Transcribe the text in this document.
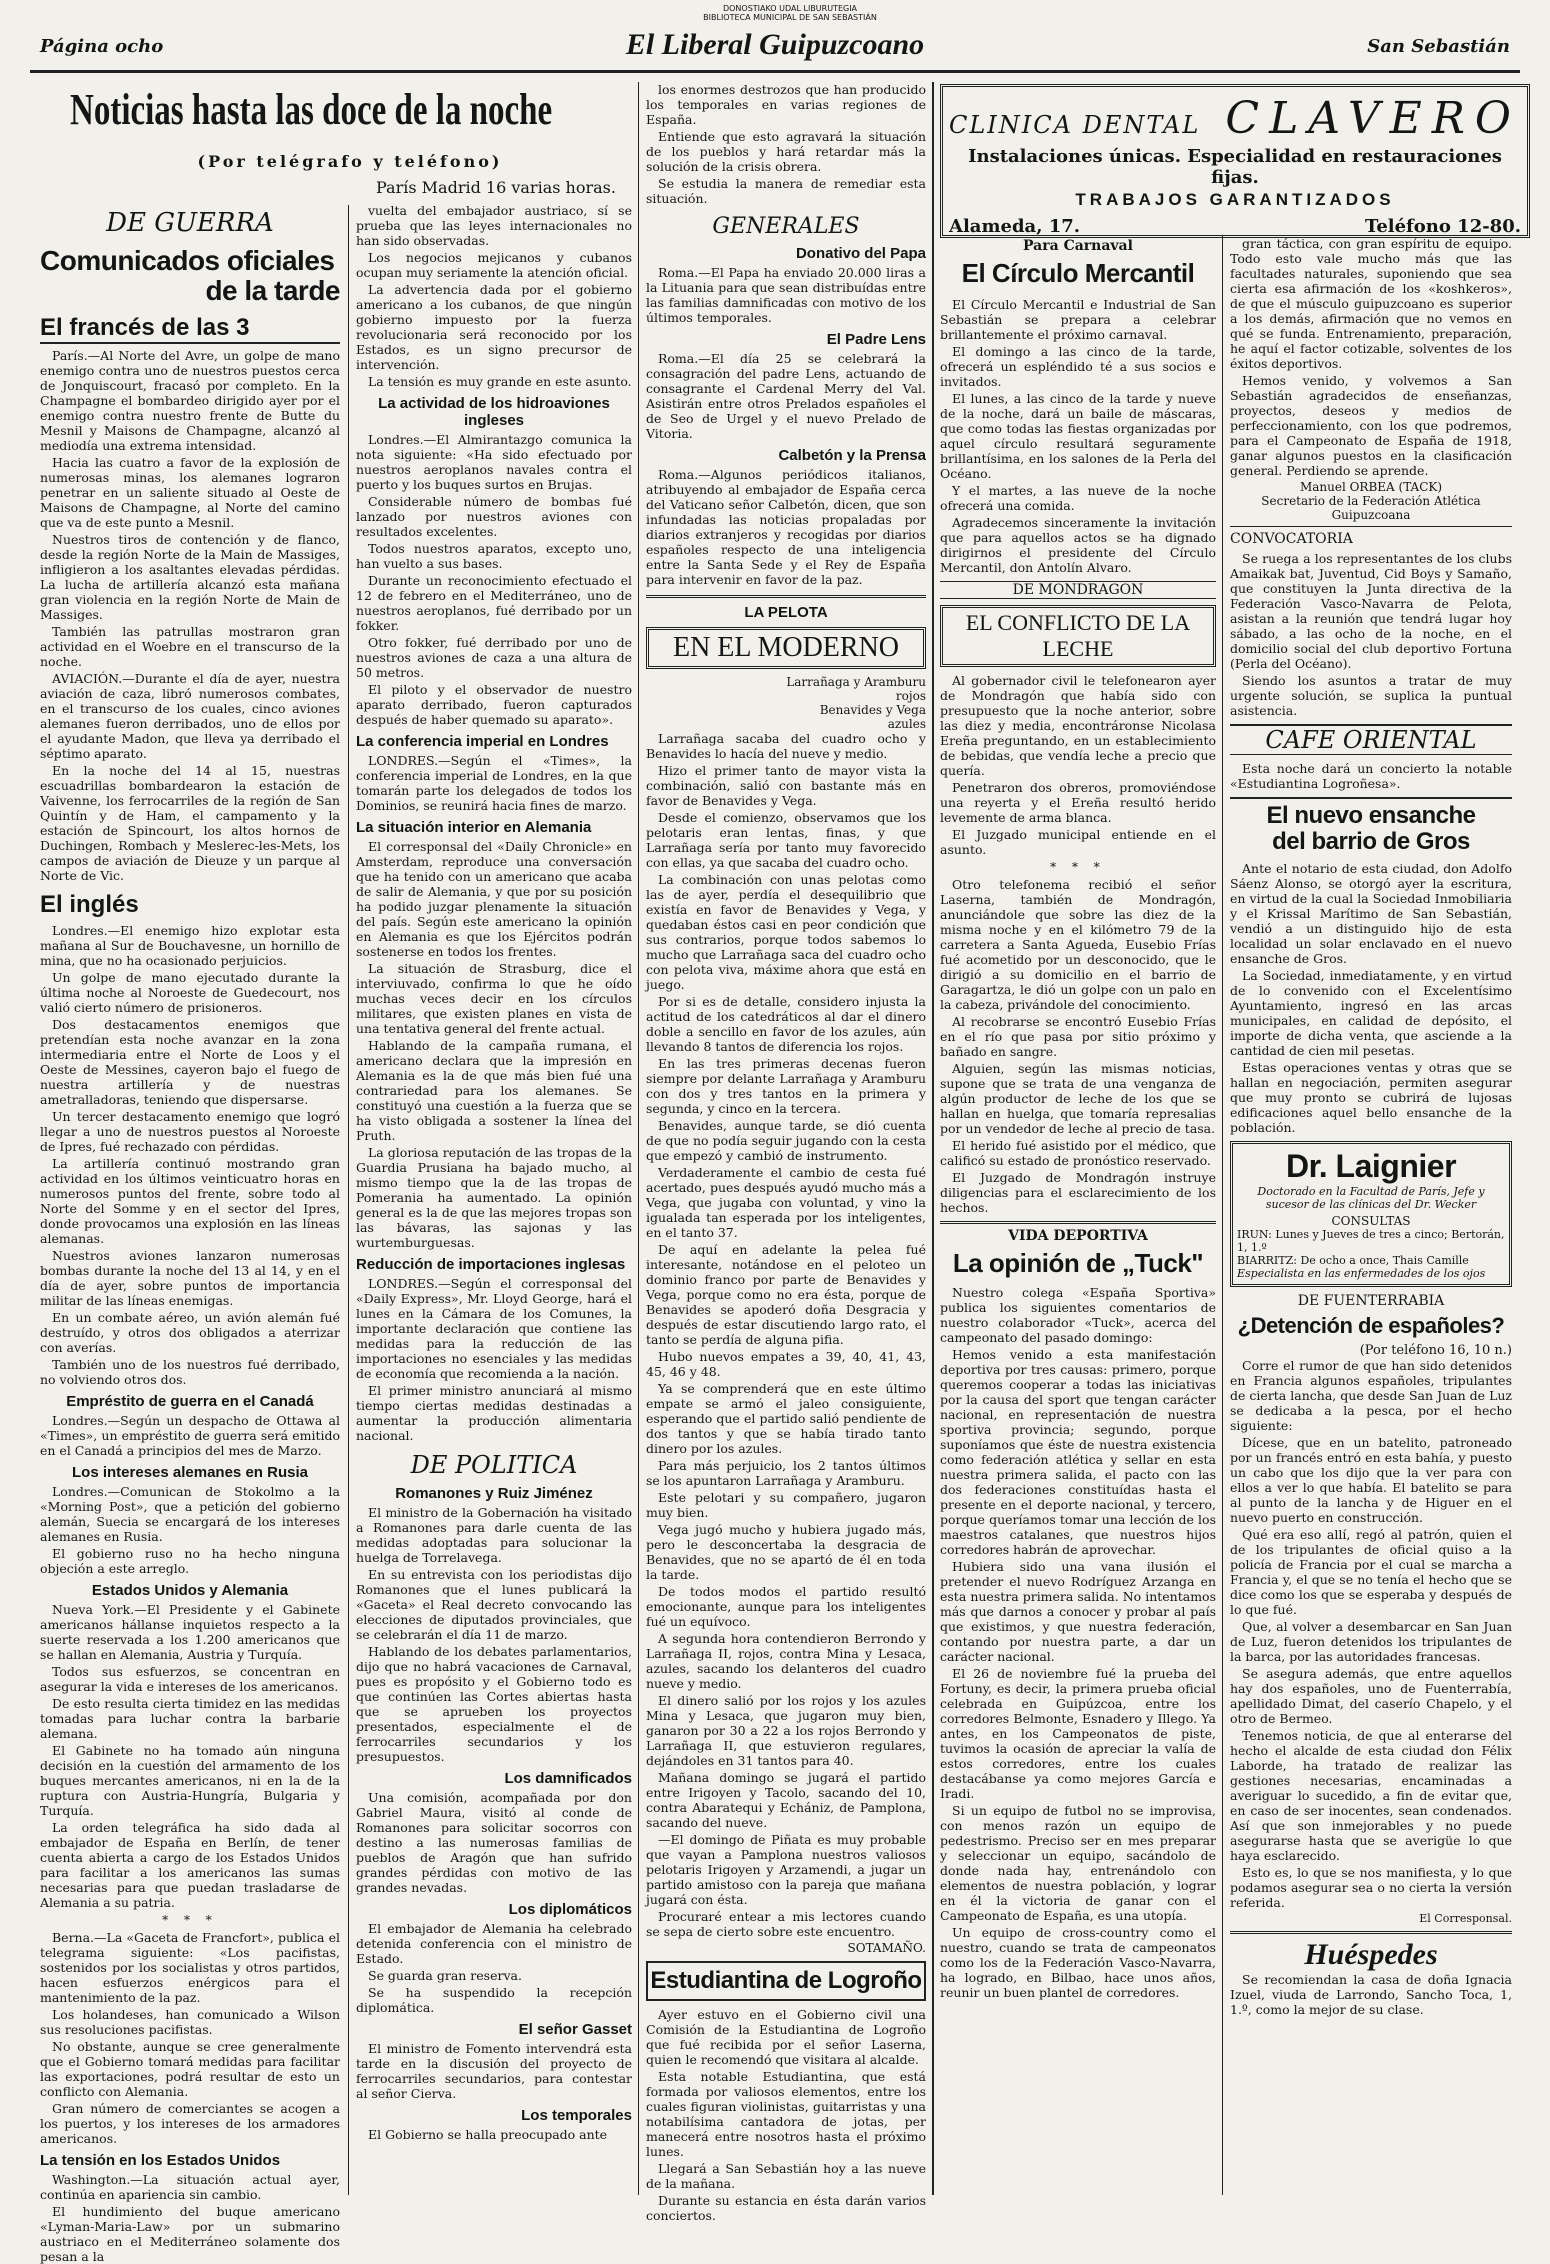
DONOSTIAKO UDAL LIBURUTEGIA
BIBLIOTECA MUNICIPAL DE SAN SEBASTIÁN
Página ocho	El Liberal Guipuzcoano	San Sebastián
Noticias hasta las doce de la noche
(Por telégrafo y teléfono)
DE GUERRA
Comunicados oficiales
de la tarde
El francés de las 3

París.—Al Norte del Avre, un golpe de mano enemigo contra uno de nuestros puestos cerca de Jonquiscourt, fracasó por completo. En la Champagne el bombardeo dirigido ayer por el enemigo contra nuestro frente de Butte du Mesnil y Maisons de Champagne, alcanzó al mediodía una extrema intensidad.

Hacia las cuatro a favor de la explosión de numerosas minas, los alemanes lograron penetrar en un saliente situado al Oeste de Maisons de Champagne, al Norte del camino que va de este punto a Mesnil.

Nuestros tiros de contención y de flanco, desde la región Norte de la Main de Massiges, infligieron a los asaltantes elevadas pérdidas. La lucha de artillería alcanzó esta mañana gran violencia en la región Norte de Main de Massiges.

También las patrullas mostraron gran actividad en el Woebre en el transcurso de la noche.

AVIACIÓN.—Durante el día de ayer, nuestra aviación de caza, libró numerosos combates, en el transcurso de los cuales, cinco aviones alemanes fueron derribados, uno de ellos por el ayudante Madon, que lleva ya derribado el séptimo aparato.

En la noche del 14 al 15, nuestras escuadrillas bombardearon la estación de Vaivenne, los ferrocarriles de la región de San Quintín y de Ham, el campamento y la estación de Spincourt, los altos hornos de Duchingen, Rombach y Meslerес-les-Mets, los campos de aviación de Dieuze y un parque al Norte de Vic.

El inglés

Londres.—El enemigo hizo explotar esta mañana al Sur de Bouchavesne, un hornillo de mina, que no ha ocasionado perjuicios.

Un golpe de mano ejecutado durante la última noche al Noroeste de Guedecourt, nos valió cierto número de prisioneros.

Dos destacamentos enemigos que pretendían esta noche avanzar en la zona intermediaria entre el Norte de Loos y el Oeste de Messines, cayeron bajo el fuego de nuestra artillería y de nuestras ametralladoras, teniendo que dispersarse.

Un tercer destacamento enemigo que logró llegar a uno de nuestros puestos al Noroeste de Ipres, fué rechazado con pérdidas.

La artillería continuó mostrando gran actividad en los últimos veinticuatro horas en numerosos puntos del frente, sobre todo al Norte del Somme y en el sector del Ipres, donde provocamos una explosión en las líneas alemanas.

Nuestros aviones lanzaron numerosas bombas durante la noche del 13 al 14, y en el día de ayer, sobre puntos de importancia militar de las líneas enemigas.

En un combate aéreo, un avión alemán fué destruído, y otros dos obligados a aterrizar con averías.

También uno de los nuestros fué derribado, no volviendo otros dos.

Empréstito de guerra en el Canadá

Londres.—Según un despacho de Ottawa al «Times», un empréstito de guerra será emitido en el Canadá a principios del mes de Marzo.

Los intereses alemanes en Rusia

Londres.—Comunican de Stokolmo a la «Morning Post», que a petición del gobierno alemán, Suecia se encargará de los intereses alemanes en Rusia.

El gobierno ruso no ha hecho ninguna objeción a este arreglo.

Estados Unidos y Alemania

Nueva York.—El Presidente y el Gabinete americanos hállanse inquietos respecto a la suerte reservada a los 1.200 americanos que se hallan en Alemania, Austria y Turquía.

Todos sus esfuerzos, se concentran en asegurar la vida e intereses de los americanos.

De esto resulta cierta timidez en las medidas tomadas para luchar contra la barbarie alemana.

El Gabinete no ha tomado aún ninguna decisión en la cuestión del armamento de los buques mercantes americanos, ni en la de la ruptura con Austria-Hungría, Bulgaria y Turquía.

La orden telegráfica ha sido dada al embajador de España en Berlín, de tener cuenta abierta a cargo de los Estados Unidos para facilitar a los americanos las sumas necesarias para que puedan trasladarse de Alemania a su patria.

* * *

Berna.—La «Gaceta de Francfort», publica el telegrama siguiente: «Los pacifistas, sostenidos por los socialistas y otros partidos, hacen esfuerzos enérgicos para el mantenimiento de la paz.

Los holandeses, han comunicado a Wilson sus resoluciones pacifistas.

No obstante, aunque se cree generalmente que el Gobierno tomará medidas para facilitar las exportaciones, podrá resultar de esto un conflicto con Alemania.

Gran número de comerciantes se acogen a los puertos, y los intereses de los armadores americanos.

La tensión en los Estados Unidos

Washington.—La situación actual ayer, continúa en apariencia sin cambio.

El hundimiento del buque americano «Lyman-Maria-Law» por un submarino austriaco en el Mediterráneo solamente dos pesan a la

París Madrid 16 varias horas.

vuelta del embajador austriaco, sí se prueba que las leyes internacionales no han sido observadas.

Los negocios mejicanos y cubanos ocupan muy seriamente la atención oficial.

La advertencia dada por el gobierno americano a los cubanos, de que ningún gobierno impuesto por la fuerza revolucionaria será reconocido por los Estados, es un signo precursor de intervención.

La tensión es muy grande en este asunto.

La actividad de los hidroaviones ingleses

Londres.—El Almirantazgo comunica la nota siguiente: «Ha sido efectuado por nuestros aeroplanos navales contra el puerto y los buques surtos en Brujas.

Considerable número de bombas fué lanzado por nuestros aviones con resultados excelentes.

Todos nuestros aparatos, excepto uno, han vuelto a sus bases.

Durante un reconocimiento efectuado el 12 de febrero en el Mediterráneo, uno de nuestros aeroplanos, fué derribado por un fokker.

Otro fokker, fué derribado por uno de nuestros aviones de caza a una altura de 50 metros.

El piloto y el observador de nuestro aparato derribado, fueron capturados después de haber quemado su aparato».

La conferencia imperial en Londres

LONDRES.—Según el «Times», la conferencia imperial de Londres, en la que tomarán parte los delegados de todos los Dominios, se reunirá hacia fines de marzo.

La situación interior en Alemania

El corresponsal del «Daily Chronicle» en Amsterdam, reproduce una conversación que ha tenido con un americano que acaba de salir de Alemania, y que por su posición ha podido juzgar plenamente la situación del país. Según este americano la opinión en Alemania es que los Ejércitos podrán sostenerse en todos los frentes.

La situación de Strasburg, dice el interviuvado, confirma lo que he oído muchas veces decir en los círculos militares, que existen planes en vista de una tentativa general del frente actual.

Hablando de la campaña rumana, el americano declara que la impresión en Alemania es la de que más bien fué una contrariedad para los alemanes. Se constituyó una cuestión a la fuerza que se ha visto obligada a sostener la línea del Pruth.

La gloriosa reputación de las tropas de la Guardia Prusiana ha bajado mucho, al mismo tiempo que la de las tropas de Pomerania ha aumentado. La opinión general es la de que las mejores tropas son las bávaras, las sajonas y las wurtemburguesas.

Reducción de importaciones inglesas

LONDRES.—Según el corresponsal del «Daily Express», Mr. Lloyd George, hará el lunes en la Cámara de los Comunes, la importante declaración que contiene las medidas para la reducción de las importaciones no esenciales y las medidas de economía que recomienda a la nación.

El primer ministro anunciará al mismo tiempo ciertas medidas destinadas a aumentar la producción alimentaria nacional.

DE POLITICA
Romanones y Ruiz Jiménez

El ministro de la Gobernación ha visitado a Romanones para darle cuenta de las medidas adoptadas para solucionar la huelga de Torrelavega.

En su entrevista con los periodistas dijo Romanones que el lunes publicará la «Gaceta» el Real decreto convocando las elecciones de diputados provinciales, que se celebrarán el día 11 de marzo.

Hablando de los debates parlamentarios, dijo que no habrá vacaciones de Carnaval, pues es propósito y el Gobierno todo es que continúen las Cortes abiertas hasta que se aprueben los proyectos presentados, especialmente el de ferrocarriles secundarios y los presupuestos.

Los damnificados

Una comisión, acompañada por don Gabriel Maura, visitó al conde de Romanones para solicitar socorros con destino a las numerosas familias de pueblos de Aragón que han sufrido grandes pérdidas con motivo de las grandes nevadas.

Los diplomáticos

El embajador de Alemania ha celebrado detenida conferencia con el ministro de Estado.

Se guarda gran reserva.

Se ha suspendido la recepción diplomática.

El señor Gasset

El ministro de Fomento intervendrá esta tarde en la discusión del proyecto de ferrocarriles secundarios, para contestar al señor Cierva.

Los temporales

El Gobierno se halla preocupado ante

los enormes destrozos que han producido los temporales en varias regiones de España.

Entiende que esto agravará la situación de los pueblos y hará retardar más la solución de la crisis obrera.

Se estudia la manera de remediar esta situación.

GENERALES
Donativo del Papa

Roma.—El Papa ha enviado 20.000 liras a la Lituania para que sean distribuídas entre las familias damnificadas con motivo de los últimos temporales.

El Padre Lens

Roma.—El día 25 se celebrará la consagración del padre Lens, actuando de consagrante el Cardenal Merry del Val. Asistirán entre otros Prelados españoles el de Seo de Urgel y el nuevo Prelado de Vitoria.

Calbetón y la Prensa

Roma.—Algunos periódicos italianos, atribuyendo al embajador de España cerca del Vaticano señor Calbetón, dicen, que son infundadas las noticias propaladas por diarios extranjeros y recogidas por diarios españoles respecto de una inteligencia entre la Santa Sede y el Rey de España para intervenir en favor de la paz.

LA PELOTA
EN EL MODERNO
Larrañaga y Aramburu
rojos
Benavides y Vega
azules

Larrañaga sacaba del cuadro ocho y Benavides lo hacía del nueve y medio.

Hizo el primer tanto de mayor vista la combinación, salió con bastante más en favor de Benavides y Vega.

Desde el comienzo, observamos que los pelotaris eran lentas, finas, y que Larrañaga sería por tanto muy favorecido con ellas, ya que sacaba del cuadro ocho.

La combinación con unas pelotas como las de ayer, perdía el desequilibrio que existía en favor de Benavides y Vega, y quedaban éstos casi en peor condición que sus contrarios, porque todos sabemos lo mucho que Larrañaga saca del cuadro ocho con pelota viva, máxime ahora que está en juego.

Por si es de detalle, considero injusta la actitud de los catedráticos al dar el dinero doble a sencillo en favor de los azules, aún llevando 8 tantos de diferencia los rojos.

En las tres primeras decenas fueron siempre por delante Larrañaga y Aramburu con dos y tres tantos en la primera y segunda, y cinco en la tercera.

Benavides, aunque tarde, se dió cuenta de que no podía seguir jugando con la cesta que empezó y cambió de instrumento.

Verdaderamente el cambio de cesta fué acertado, pues después ayudó mucho más a Vega, que jugaba con voluntad, y vino la igualada tan esperada por los inteligentes, en el tanto 37.

De aquí en adelante la pelea fué interesante, notándose en el peloteo un dominio franco por parte de Benavides y Vega, porque como no era ésta, porque de Benavides se apoderó doña Desgracia y después de estar discutiendo largo rato, el tanto se perdía de alguna pifia.

Hubo nuevos empates a 39, 40, 41, 43, 45, 46 y 48.

Ya se comprenderá que en este último empate se armó el jaleo consiguiente, esperando que el partido salió pendiente de dos tantos y que se había tirado tanto dinero por los azules.

Para más perjuicio, los 2 tantos últimos se los apuntaron Larrañaga y Aramburu.

Este pelotari y su compañero, jugaron muy bien.

Vega jugó mucho y hubiera jugado más, pero le desconcertaba la desgracia de Benavides, que no se apartó de él en toda la tarde.

De todos modos el partido resultó emocionante, aunque para los inteligentes fué un equívoco.

A segunda hora contendieron Berrondo y Larrañaga II, rojos, contra Mina y Lesaca, azules, sacando los delanteros del cuadro nueve y medio.

El dinero salió por los rojos y los azules Mina y Lesaca, que jugaron muy bien, ganaron por 30 a 22 a los rojos Berrondo y Larrañaga II, que estuvieron regulares, dejándoles en 31 tantos para 40.

Mañana domingo se jugará el partido entre Irigoyen y Tacolo, sacando del 10, contra Abaratequi y Echániz, de Pamplona, sacando del nueve.

—El domingo de Piñata es muy probable que vayan a Pamplona nuestros valiosos pelotaris Irigoyen y Arzamendi, a jugar un partido amistoso con la pareja que mañana jugará con ésta.

Procuraré entear a mis lectores cuando se sepa de cierto sobre este encuentro.

SOTAMAÑO.
Estudiantina de Logroño

Ayer estuvo en el Gobierno civil una Comisión de la Estudiantina de Logroño que fué recibida por el señor Laserna, quien le recomendó que visitara al alcalde.

Esta notable Estudiantina, que está formada por valiosos elementos, entre los cuales figuran violinistas, guitarristas y una notabilísima cantadora de jotas, per manecerá entre nosotros hasta el próximo lunes.

Llegará a San Sebastián hoy a las nueve de la mañana.

Durante su estancia en ésta darán varios conciertos.

CLINICA DENTAL CLAVERO
Instalaciones únicas. Especialidad en restauraciones fijas.
TRABAJOS GARANTIZADOS
Alameda, 17.	Teléfono 12-80.
Para Carnaval
El Círculo Mercantil

El Círculo Mercantil e Industrial de San Sebastián se prepara a celebrar brillantemente el próximo carnaval.

El domingo a las cinco de la tarde, ofrecerá un espléndido té a sus socios e invitados.

El lunes, a las cinco de la tarde y nueve de la noche, dará un baile de máscaras, que como todas las fiestas organizadas por aquel círculo resultará seguramente brillantísima, en los salones de la Perla del Océano.

Y el martes, a las nueve de la noche ofrecerá una comida.

Agradecemos sinceramente la invitación que para aquellos actos se ha dignado dirigirnos el presidente del Círculo Mercantil, don Antolín Alvaro.

DE MONDRAGON
EL CONFLICTO DE LA LECHE

Al gobernador civil le telefonearon ayer de Mondragón que había sido con presupuesto que la noche anterior, sobre las diez y media, encontráronse Nicolasa Ereña preguntando, en un establecimiento de bebidas, que vendía leche a precio que quería.

Penetraron dos obreros, promoviéndose una reyerta y el Ereña resultó herido levemente de arma blanca.

El Juzgado municipal entiende en el asunto.

* * *

Otro telefonema recibió el señor Laserna, también de Mondragón, anunciándole que sobre las diez de la misma noche y en el kilómetro 79 de la carretera a Santa Agueda, Eusebio Frías fué acometido por un desconocido, que le dirigió a su domicilio en el barrio de Garagartza, le dió un golpe con un palo en la cabeza, privándole del conocimiento.

Al recobrarse se encontró Eusebio Frías en el río que pasa por sitio próximo y bañado en sangre.

Alguien, según las mismas noticias, supone que se trata de una venganza de algún productor de leche de los que se hallan en huelga, que tomaría represalias por un vendedor de leche al precio de tasa.

El herido fué asistido por el médico, que calificó su estado de pronóstico reservado.

El Juzgado de Mondragón instruye diligencias para el esclarecimiento de los hechos.

VIDA DEPORTIVA
La opinión de „Tuck"

Nuestro colega «España Sportiva» publica los siguientes comentarios de nuestro colaborador «Tuck», acerca del campeonato del pasado domingo:

Hemos venido a esta manifestación deportiva por tres causas: primero, porque queremos cooperar a todas las iniciativas por la causa del sport que tengan carácter nacional, en representación de nuestra sportiva provincia; segundo, porque suponíamos que éste de nuestra existencia como federación atlética y sellar en esta nuestra primera salida, el pacto con las dos federaciones constituídas hasta el presente en el deporte nacional, y tercero, porque queríamos tomar una lección de los maestros catalanes, que nuestros hijos corredores habrán de aprovechar.

Hubiera sido una vana ilusión el pretender el nuevo Rodríguez Arzanga en esta nuestra primera salida. No intentamos más que darnos a conocer y probar al país que existimos, y que nuestra federación, contando por nuestra parte, a dar un carácter nacional.

El 26 de noviembre fué la prueba del Fortuny, es decir, la primera prueba oficial celebrada en Guipúzcoa, entre los corredores Belmonte, Esnadero y Illego. Ya antes, en los Campeonatos de piste, tuvimos la ocasión de apreciar la valía de estos corredores, entre los cuales destacábanse ya como mejores García e Iradi.

Si un equipo de futbol no se improvisa, con menos razón un equipo de pedestrismo. Preciso ser en mes preparar y seleccionar un equipo, sacándolo de donde nada hay, entrenándolo con elementos de nuestra población, y lograr en él la victoria de ganar con el Campeonato de España, es una utopía.

Un equipo de cross-country como el nuestro, cuando se trata de campeonatos como los de la Federación Vasco-Navarra, ha logrado, en Bilbao, hace unos años, reunir un buen plantel de corredores.

gran táctica, con gran espíritu de equipo. Todo esto vale mucho más que las facultades naturales, suponiendo que sea cierta esa afirmación de los «koshkeros», de que el músculo guipuzcoano es superior a los demás, afirmación que no vemos en qué se funda. Entrenamiento, preparación, he aquí el factor cotizable, solventes de los éxitos deportivos.

Hemos venido, y volvemos a San Sebastián agradecidos de enseñanzas, proyectos, deseos y medios de perfeccionamiento, con los que podremos, para el Campeonato de España de 1918, ganar algunos puestos en la clasificación general. Perdiendo se aprende.

Manuel ORBEA (TACK)
Secretario de la Federación Atlética Guipuzcoana
CONVOCATORIA

Se ruega a los representantes de los clubs Amaikak bat, Juventud, Cid Boys y Samaño, que constituyen la Junta directiva de la Federación Vasco-Navarra de Pelota, asistan a la reunión que tendrá lugar hoy sábado, a las ocho de la noche, en el domicilio social del club deportivo Fortuna (Perla del Océano).

Siendo los asuntos a tratar de muy urgente solución, se suplica la puntual asistencia.

CAFE ORIENTAL

Esta noche dará un concierto la notable «Estudiantina Logroñesa».

El nuevo ensanche
del barrio de Gros

Ante el notario de esta ciudad, don Adolfo Sáenz Alonso, se otorgó ayer la escritura, en virtud de la cual la Sociedad Inmobiliaria y el Krissal Marítimo de San Sebastián, vendió a un distinguido hijo de esta localidad un solar enclavado en el nuevo ensanche de Gros.

La Sociedad, inmediatamente, y en virtud de lo convenido con el Excelentísimo Ayuntamiento, ingresó en las arcas municipales, en calidad de depósito, el importe de dicha venta, que asciende a la cantidad de cien mil pesetas.

Estas operaciones ventas y otras que se hallan en negociación, permiten asegurar que muy pronto se cubrirá de lujosas edificaciones aquel bello ensanche de la población.

Dr. Laignier
Doctorado en la Facultad de París, Jefe y sucesor de las clínicas del Dr. Wecker
CONSULTAS
IRUN: Lunes y Jueves de tres a cinco; Bertorán, 1, 1.º
BIARRITZ: De ocho a once, Thais Camille
Especialista en las enfermedades de los ojos
DE FUENTERRABIA
¿Detención de españoles?
(Por teléfono 16, 10 n.)

Corre el rumor de que han sido detenidos en Francia algunos españoles, tripulantes de cierta lancha, que desde San Juan de Luz se dedicaba a la pesca, por el hecho siguiente:

Dícese, que en un batelito, patroneado por un francés entró en esta bahía, y puesto un cabo que los dijo que la ver para con ellos a ver lo que había. El batelito se para al punto de la lancha y de Higuer en el nuevo puerto en construcción.

Qué era eso allí, regó al patrón, quien el de los tripulantes de oficial quiso a la policía de Francia por el cual se marcha a Francia y, el que se no tenía el hecho que se dice como los que se esperaba y después de lo que fué.

Que, al volver a desembarcar en San Juan de Luz, fueron detenidos los tripulantes de la barca, por las autoridades francesas.

Se asegura además, que entre aquellos hay dos españoles, uno de Fuenterrabía, apellidado Dimat, del caserío Chapelo, y el otro de Bermeo.

Tenemos noticia, de que al enterarse del hecho el alcalde de esta ciudad don Félix Laborde, ha tratado de realizar las gestiones necesarias, encaminadas a averiguar lo sucedido, a fin de evitar que, en caso de ser inocentes, sean condenados. Así que son inmejorables y no puede asegurarse hasta que se averigüe lo que haya esclarecido.

Esto es, lo que se nos manifiesta, y lo que podamos asegurar sea o no cierta la versión referida.

El Corresponsal.
Huéspedes

Se recomiendan la casa de doña Ignacia Izuel, viuda de Larrondo, Sancho Toca, 1, 1.º, como la mejor de su clase.
